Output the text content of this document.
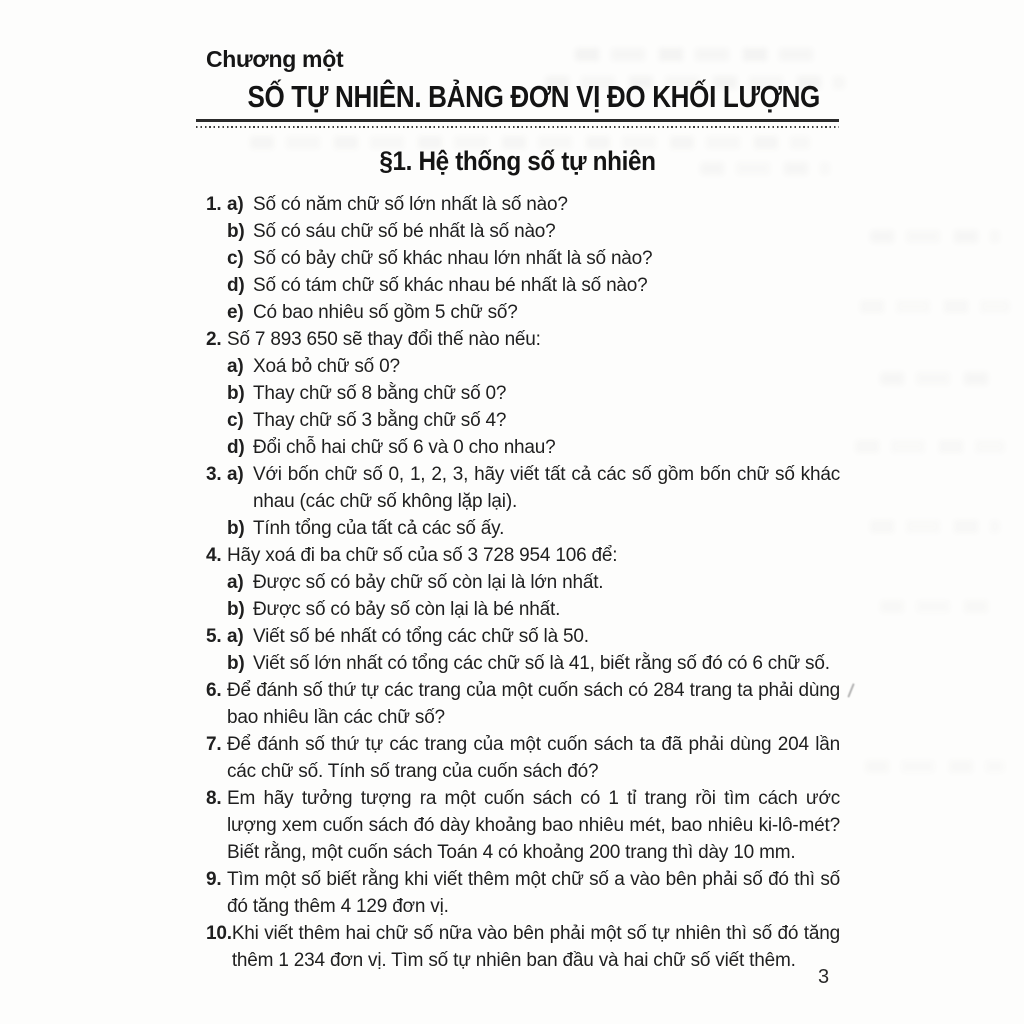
Chương một
SỐ TỰ NHIÊN. BẢNG ĐƠN VỊ ĐO KHỐI LƯỢNG
§1. Hệ thống số tự nhiên
1. a) Số có năm chữ số lớn nhất là số nào?
b) Số có sáu chữ số bé nhất là số nào?
c) Số có bảy chữ số khác nhau lớn nhất là số nào?
d) Số có tám chữ số khác nhau bé nhất là số nào?
e) Có bao nhiêu số gồm 5 chữ số?
2. Số 7 893 650 sẽ thay đổi thế nào nếu:
a) Xoá bỏ chữ số 0?
b) Thay chữ số 8 bằng chữ số 0?
c) Thay chữ số 3 bằng chữ số 4?
d) Đổi chỗ hai chữ số 6 và 0 cho nhau?
3. a) Với bốn chữ số 0, 1, 2, 3, hãy viết tất cả các số gồm bốn chữ số khác nhau (các chữ số không lặp lại).
b) Tính tổng của tất cả các số ấy.
4. Hãy xoá đi ba chữ số của số 3 728 954 106 để:
a) Được số có bảy chữ số còn lại là lớn nhất.
b) Được số có bảy số còn lại là bé nhất.
5. a) Viết số bé nhất có tổng các chữ số là 50.
b) Viết số lớn nhất có tổng các chữ số là 41, biết rằng số đó có 6 chữ số.
6. Để đánh số thứ tự các trang của một cuốn sách có 284 trang ta phải dùng bao nhiêu lần các chữ số?
7. Để đánh số thứ tự các trang của một cuốn sách ta đã phải dùng 204 lần các chữ số. Tính số trang của cuốn sách đó?
8. Em hãy tưởng tượng ra một cuốn sách có 1 tỉ trang rồi tìm cách ước lượng xem cuốn sách đó dày khoảng bao nhiêu mét, bao nhiêu ki-lô-mét? Biết rằng, một cuốn sách Toán 4 có khoảng 200 trang thì dày 10 mm.
9. Tìm một số biết rằng khi viết thêm một chữ số a vào bên phải số đó thì số đó tăng thêm 4 129 đơn vị.
10. Khi viết thêm hai chữ số nữa vào bên phải một số tự nhiên thì số đó tăng thêm 1 234 đơn vị. Tìm số tự nhiên ban đầu và hai chữ số viết thêm.
3
